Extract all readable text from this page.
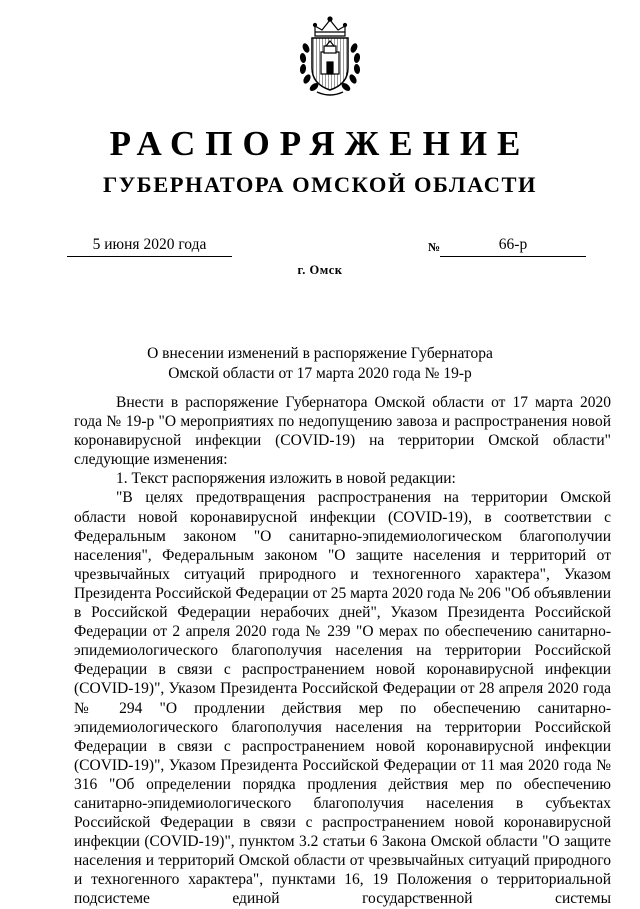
РАСПОРЯЖЕНИЕ
ГУБЕРНАТОРА ОМСКОЙ ОБЛАСТИ
5 июня 2020 года	№	66-р
г. Омск
О внесении изменений в распоряжение Губернатора
Омской области от 17 марта 2020 года № 19-р

Внести в распоряжение Губернатора Омской области от 17 марта 2020 года № 19-р "О мероприятиях по недопущению завоза и распространения новой коронавирусной инфекции (COVID-19) на территории Омской области" следующие изменения:

1. Текст распоряжения изложить в новой редакции:

"В целях предотвращения распространения на территории Омской области новой коронавирусной инфекции (COVID-19), в соответствии с Федеральным законом "О санитарно-эпидемиологическом благополучии населения", Федеральным законом "О защите населения и территорий от чрезвычайных ситуаций природного и техногенного характера", Указом Президента Российской Федерации от 25 марта 2020 года № 206 "Об объявлении в Российской Федерации нерабочих дней", Указом Президента Российской Федерации от 2 апреля 2020 года № 239 "О мерах по обеспечению санитарно-эпидемиологического благополучия населения на территории Российской Федерации в связи с распространением новой коронавирусной инфекции (COVID-19)", Указом Президента Российской Федерации от 28 апреля 2020 года № 294 "О продлении действия мер по обеспечению санитарно-эпидемиологического благополучия населения на территории Российской Федерации в связи с распространением новой коронавирусной инфекции (COVID-19)", Указом Президента Российской Федерации от 11 мая 2020 года № 316 "Об определении порядка продления действия мер по обеспечению санитарно-эпидемиологического благополучия населения в субъектах Российской Федерации в связи с распространением новой коронавирусной инфекции (COVID-19)", пунктом 3.2 статьи 6 Закона Омской области "О защите населения и территорий Омской области от чрезвычайных ситуаций природного и техногенного характера", пунктами 16, 19 Положения о территориальной подсистеме единой государственной системы
